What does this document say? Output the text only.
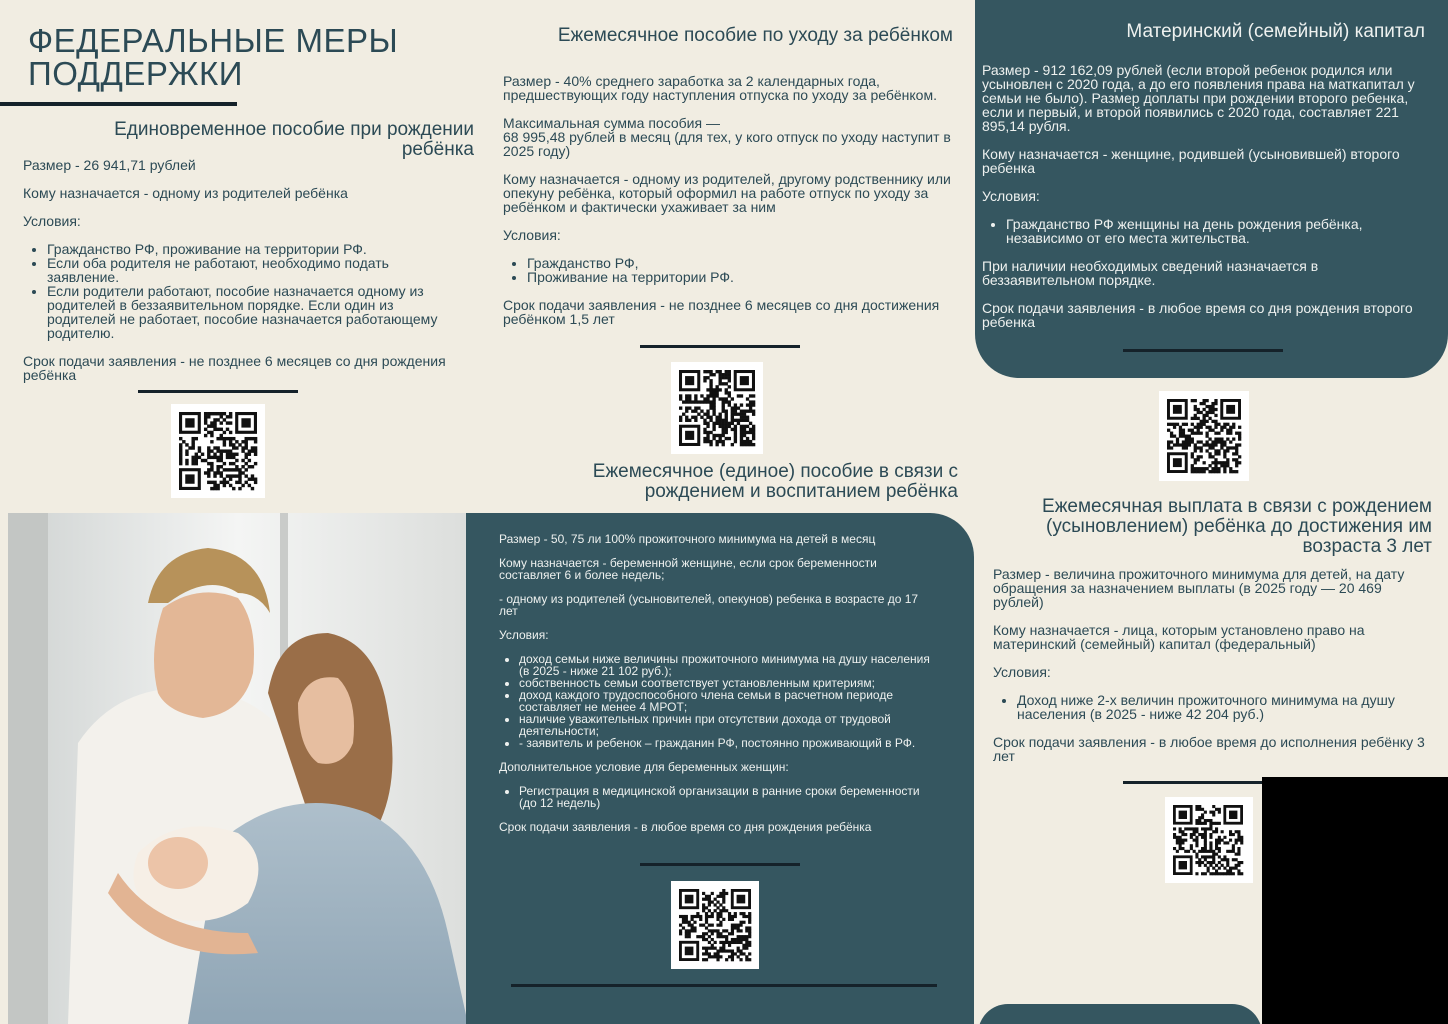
ФЕДЕРАЛЬНЫЕ МЕРЫ
ПОДДЕРЖКИ
Единовременное пособие при рождении ребёнка

Размер - 26 941,71 рублей

Кому назначается - одному из родителей ребёнка

Условия:

• Гражданство РФ, проживание на территории РФ.
• Если оба родителя не работают, необходимо подать заявление.
• Если родители работают, пособие назначается одному из родителей в беззаявительном порядке. Если один из родителей не работает, пособие назначается работающему родителю.

Срок подачи заявления - не позднее 6 месяцев со дня рождения ребёнка

Ежемесячное пособие по уходу за ребёнком

Размер - 40% среднего заработка за 2 календарных года, предшествующих году наступления отпуска по уходу за ребёнком.

Максимальная сумма пособия —
68 995,48 рублей в месяц (для тех, у кого отпуск по уходу наступит в 2025 году)

Кому назначается - одному из родителей, другому родственнику или опекуну ребёнка, который оформил на работе отпуск по уходу за ребёнком и фактически ухаживает за ним

Условия:

• Гражданство РФ,
• Проживание на территории РФ.

Срок подачи заявления - не позднее 6 месяцев со дня достижения ребёнком 1,5 лет

Ежемесячное (единое) пособие в связи с рождением и воспитанием ребёнка
Материнский (семейный) капитал

Размер - 912 162,09 рублей (если второй ребенок родился или усыновлен с 2020 года, а до его появления права на маткапитал у семьи не было). Размер доплаты при рождении второго ребенка, если и первый, и второй появились с 2020 года, составляет 221 895,14 рубля.

Кому назначается - женщине, родившей (усыновившей) второго ребенка

Условия:

• Гражданство РФ женщины на день рождения ребёнка, независимо от его места жительства.

При наличии необходимых сведений назначается в беззаявительном порядке.

Срок подачи заявления - в любое время со дня рождения второго ребенка

Ежемесячная выплата в связи с рождением (усыновлением) ребёнка до достижения им возраста 3 лет

Размер - величина прожиточного минимума для детей, на дату обращения за назначением выплаты (в 2025 году — 20 469 рублей)

Кому назначается - лица, которым установлено право на материнский (семейный) капитал (федеральный)

Условия:

• Доход ниже 2-х величин прожиточного минимума на душу населения (в 2025 - ниже 42 204 руб.)

Срок подачи заявления - в любое время до исполнения ребёнку 3 лет

Размер - 50, 75 ли 100% прожиточного минимума на детей в месяц

Кому назначается - беременной женщине, если срок беременности составляет 6 и более недель;

- одному из родителей (усыновителей, опекунов) ребенка в возрасте до 17 лет

Условия:

• доход семьи ниже величины прожиточного минимума на душу населения (в 2025 - ниже 21 102 руб.);
• собственность семьи соответствует установленным критериям;
• доход каждого трудоспособного члена семьи в расчетном периоде составляет не менее 4 МРОТ;
• наличие уважительных причин при отсутствии дохода от трудовой деятельности;
• - заявитель и ребенок – гражданин РФ, постоянно проживающий в РФ.

Дополнительное условие для беременных женщин:

• Регистрация в медицинской организации в ранние сроки беременности (до 12 недель)

Срок подачи заявления - в любое время со дня рождения ребёнка
